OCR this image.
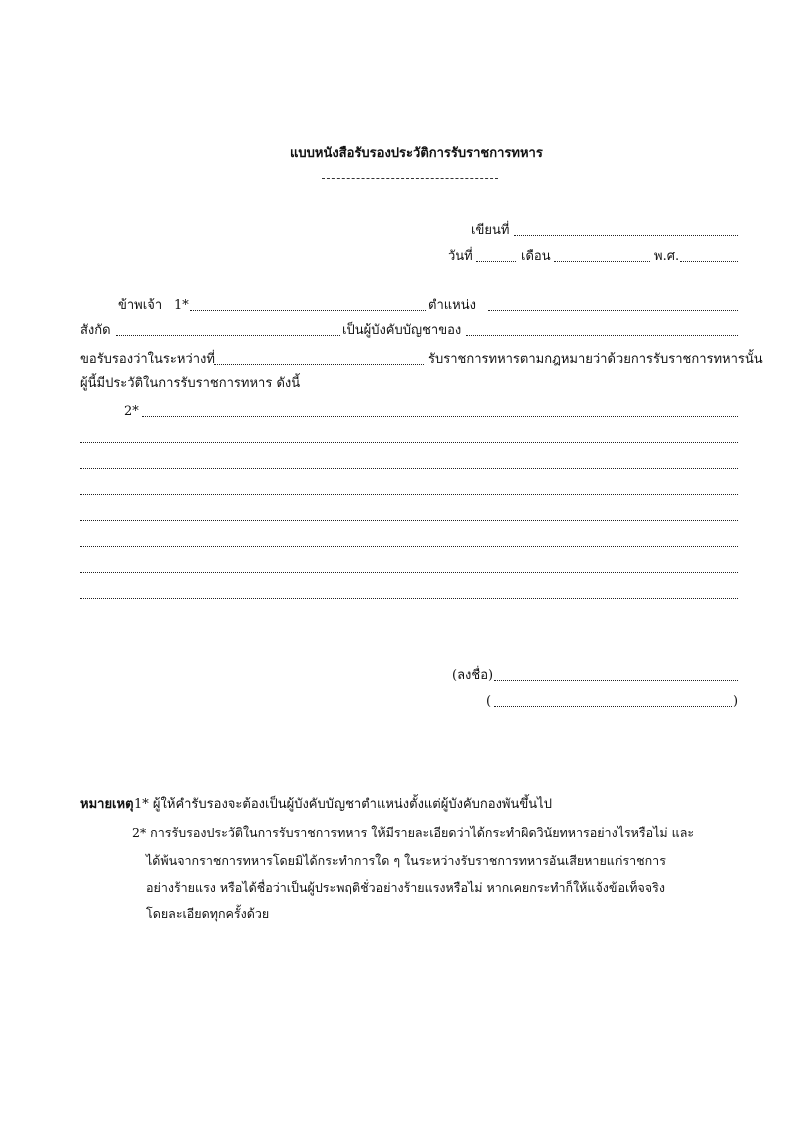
แบบหนังสือรับรองประวัติการรับราชการทหาร
เขียนที่
วันที่	เดือน	พ.ศ.
ข้าพเจ้า 1*	ตำแหน่ง
สังกัด	เป็นผู้บังคับบัญชาของ
ขอรับรองว่าในระหว่างที่	รับราชการทหารตามกฎหมายว่าด้วยการรับราชการทหารนั้น
ผู้นี้มีประวัติในการรับราชการทหาร ดังนี้
2*
(ลงชื่อ)
(	)
หมายเหตุ 1* ผู้ให้คำรับรองจะต้องเป็นผู้บังคับบัญชาตำแหน่งตั้งแต่ผู้บังคับกองพันขึ้นไป
2* การรับรองประวัติในการรับราชการทหาร ให้มีรายละเอียดว่าได้กระทำผิดวินัยทหารอย่างไรหรือไม่ และ
ได้พ้นจากราชการทหารโดยมิได้กระทำการใด ๆ ในระหว่างรับราชการทหารอันเสียหายแก่ราชการ
อย่างร้ายแรง หรือได้ชื่อว่าเป็นผู้ประพฤติชั่วอย่างร้ายแรงหรือไม่ หากเคยกระทำก็ให้แจ้งข้อเท็จจริง
โดยละเอียดทุกครั้งด้วย
